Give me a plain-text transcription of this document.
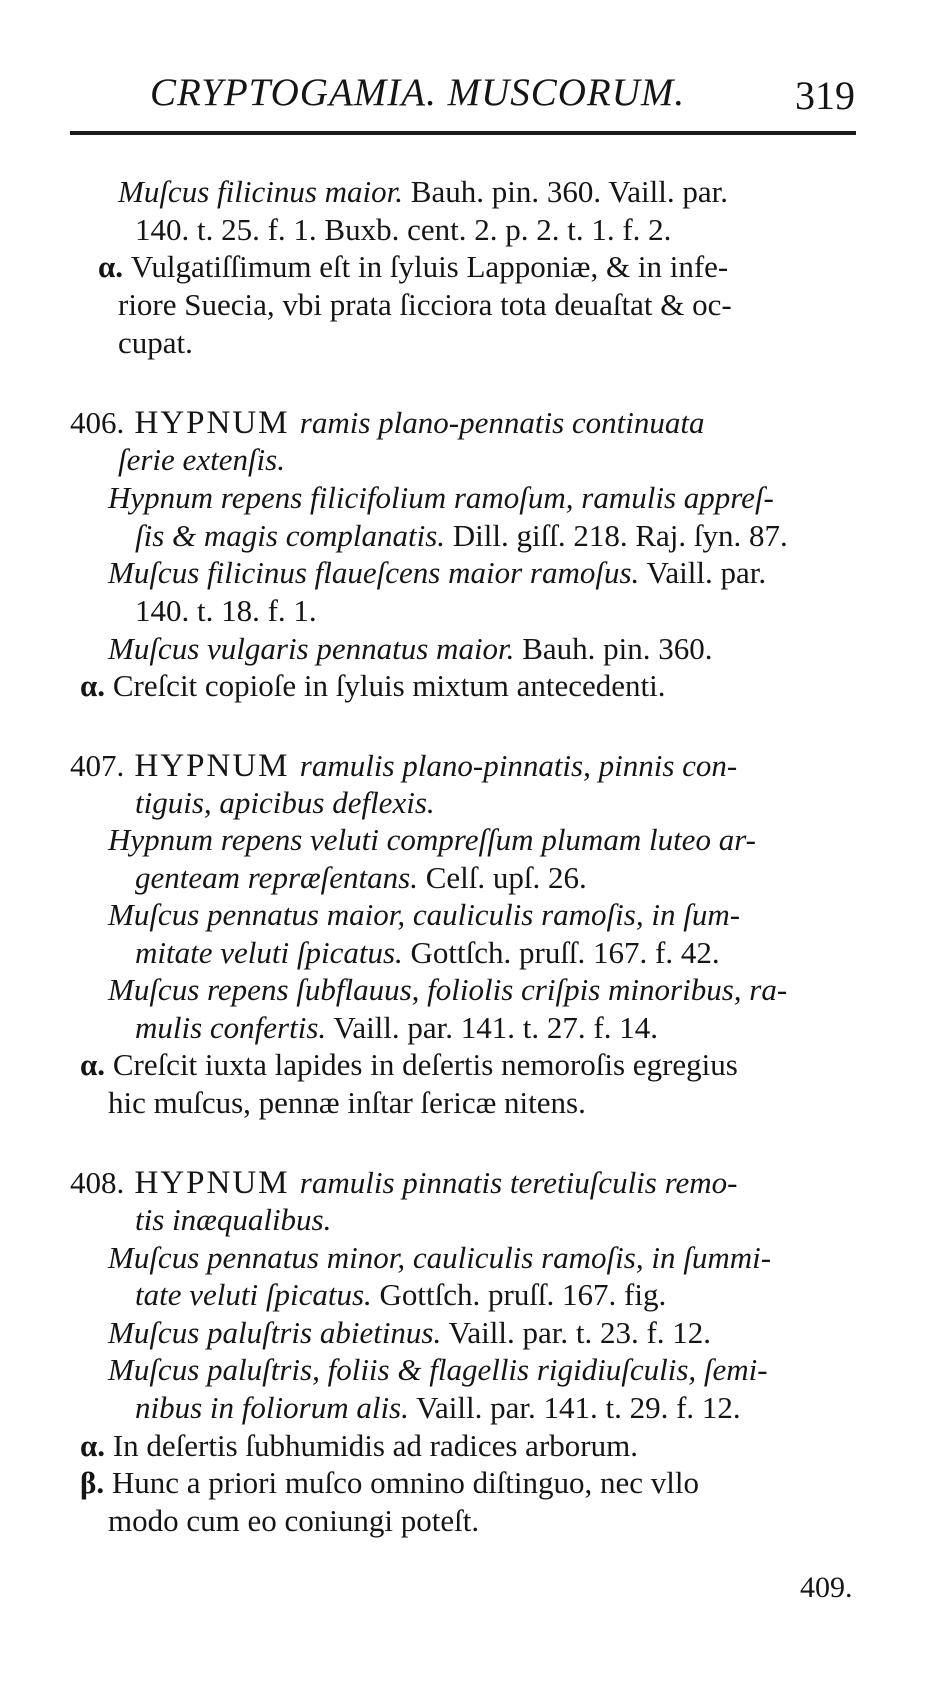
CRYPTOGAMIA. MUSCORUM.	319
Muſcus filicinus maior. Bauh. pin. 360. Vaill. par.
140. t. 25. f. 1. Buxb. cent. 2. p. 2. t. 1. f. 2.
α. Vulgatiſſimum eſt in ſyluis Lapponiæ, & in infe-
riore Suecia, vbi prata ſicciora tota deuaſtat & oc-
cupat.
406. HYPNUM ramis plano-pennatis continuata
ſerie extenſis.
Hypnum repens filicifolium ramoſum, ramulis appreſ-
ſis & magis complanatis. Dill. giſſ. 218. Raj. ſyn. 87.
Muſcus filicinus flaueſcens maior ramoſus. Vaill. par.
140. t. 18. f. 1.
Muſcus vulgaris pennatus maior. Bauh. pin. 360.
α. Creſcit copioſe in ſyluis mixtum antecedenti.
407. HYPNUM ramulis plano-pinnatis, pinnis con-
tiguis, apicibus deflexis.
Hypnum repens veluti compreſſum plumam luteo ar-
genteam repræſentans. Celſ. upſ. 26.
Muſcus pennatus maior, cauliculis ramoſis, in ſum-
mitate veluti ſpicatus. Gottſch. pruſſ. 167. f. 42.
Muſcus repens ſubflauus, foliolis criſpis minoribus, ra-
mulis confertis. Vaill. par. 141. t. 27. f. 14.
α. Creſcit iuxta lapides in deſertis nemoroſis egregius
hic muſcus, pennæ inſtar ſericæ nitens.
408. HYPNUM ramulis pinnatis teretiuſculis remo-
tis inæqualibus.
Muſcus pennatus minor, cauliculis ramoſis, in ſummi-
tate veluti ſpicatus. Gottſch. pruſſ. 167. fig.
Muſcus paluſtris abietinus. Vaill. par. t. 23. f. 12.
Muſcus paluſtris, foliis & flagellis rigidiuſculis, ſemi-
nibus in foliorum alis. Vaill. par. 141. t. 29. f. 12.
α. In deſertis ſubhumidis ad radices arborum.
β. Hunc a priori muſco omnino diſtinguo, nec vllo
modo cum eo coniungi poteſt.
409.
